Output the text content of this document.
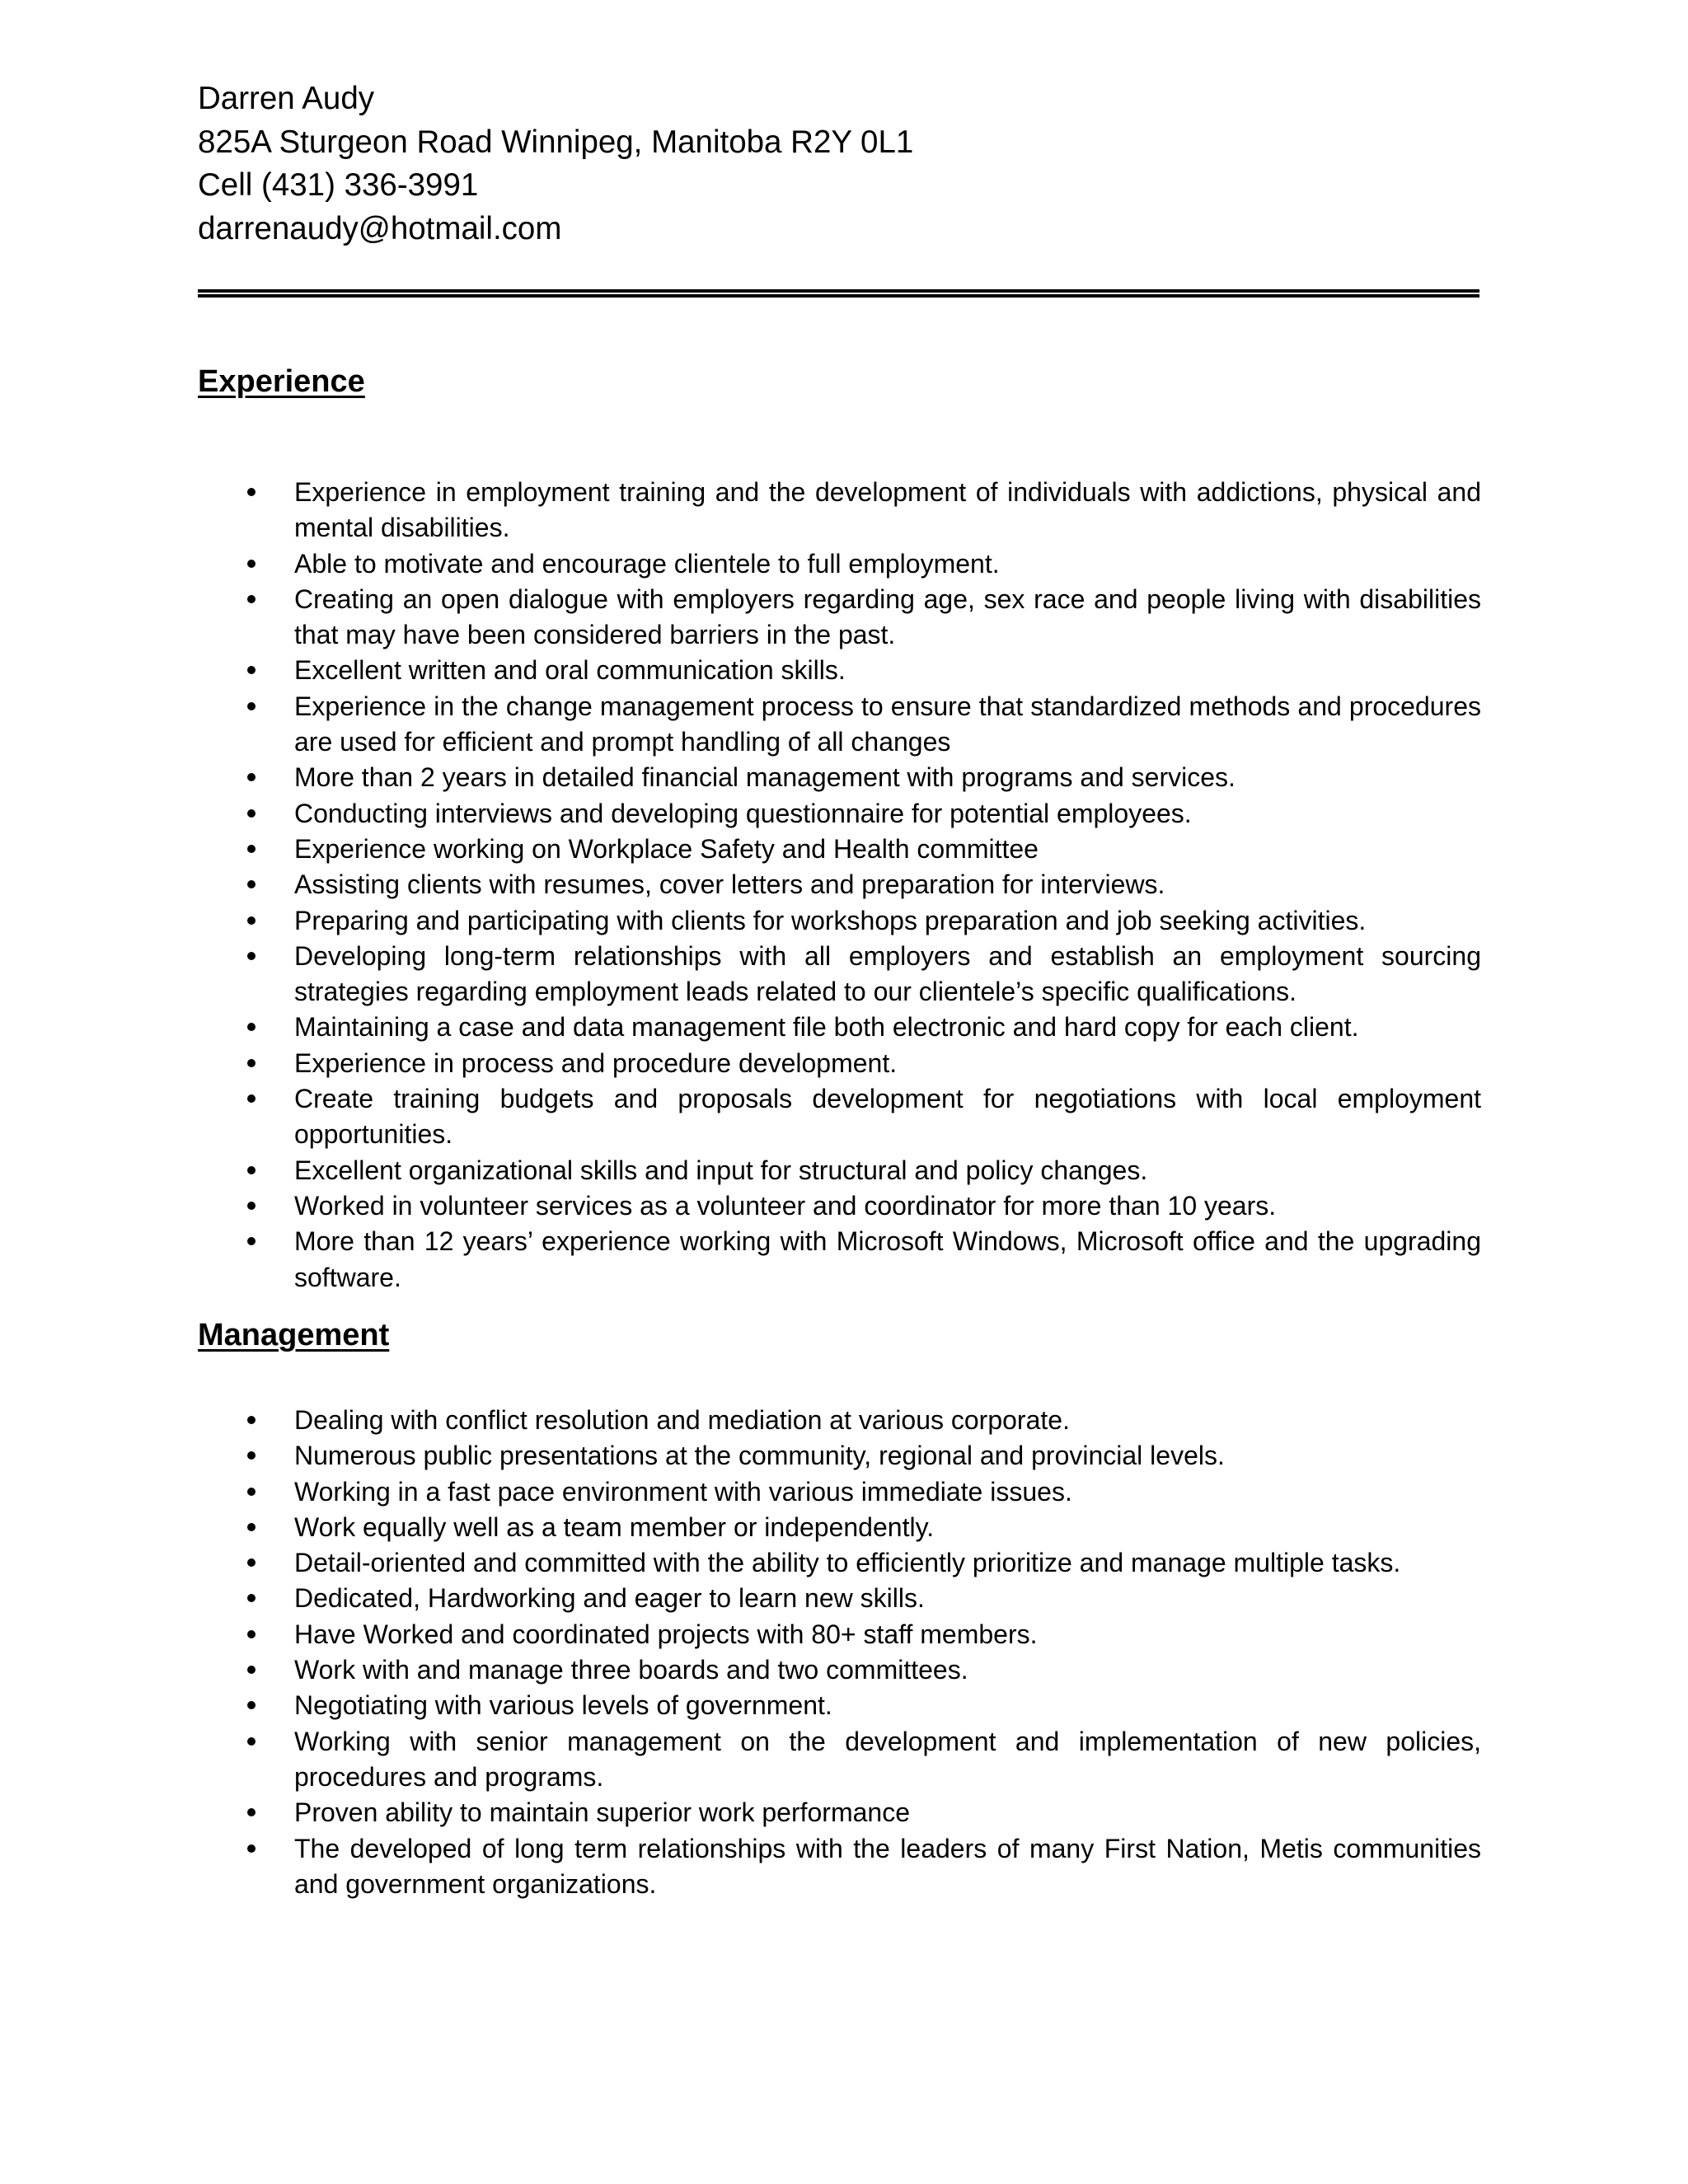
Darren Audy
825A Sturgeon Road Winnipeg, Manitoba R2Y 0L1
Cell (431) 336-3991
darrenaudy@hotmail.com
Experience
Experience in employment training and the development of individuals with addictions, physical and mental disabilities.
Able to motivate and encourage clientele to full employment.
Creating an open dialogue with employers regarding age, sex race and people living with disabilities that may have been considered barriers in the past.
Excellent written and oral communication skills.
Experience in the change management process to ensure that standardized methods and procedures are used for efficient and prompt handling of all changes
More than 2 years in detailed financial management with programs and services.
Conducting interviews and developing questionnaire for potential employees.
Experience working on Workplace Safety and Health committee
Assisting clients with resumes, cover letters and preparation for interviews.
Preparing and participating with clients for workshops preparation and job seeking activities.
Developing long-term relationships with all employers and establish an employment sourcing strategies regarding employment leads related to our clientele’s specific qualifications.
Maintaining a case and data management file both electronic and hard copy for each client.
Experience in process and procedure development.
Create training budgets and proposals development for negotiations with local employment opportunities.
Excellent organizational skills and input for structural and policy changes.
Worked in volunteer services as a volunteer and coordinator for more than 10 years.
More than 12 years’ experience working with Microsoft Windows, Microsoft office and the upgrading software.
Management
Dealing with conflict resolution and mediation at various corporate.
Numerous public presentations at the community, regional and provincial levels.
Working in a fast pace environment with various immediate issues.
Work equally well as a team member or independently.
Detail-oriented and committed with the ability to efficiently prioritize and manage multiple tasks.
Dedicated, Hardworking and eager to learn new skills.
Have Worked and coordinated projects with 80+ staff members.
Work with and manage three boards and two committees.
Negotiating with various levels of government.
Working with senior management on the development and implementation of new policies, procedures and programs.
Proven ability to maintain superior work performance
The developed of long term relationships with the leaders of many First Nation, Metis communities and government organizations.
